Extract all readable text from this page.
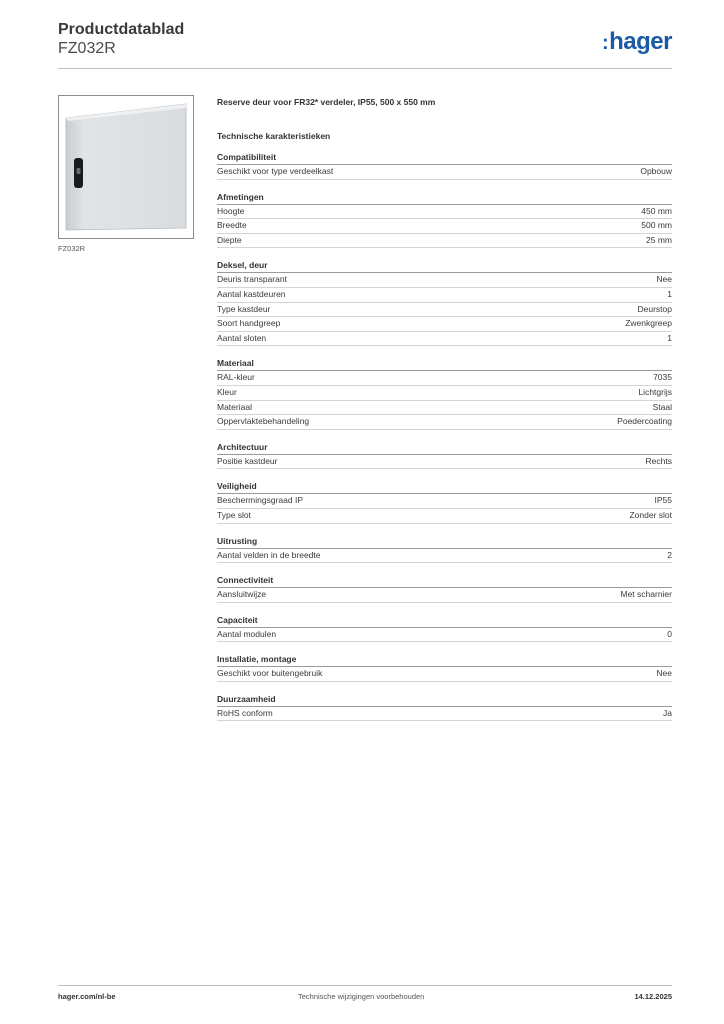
Productdatablad
FZ032R	:hager
FZ032R
Reserve deur voor FR32* verdeler, IP55, 500 x 550 mm
Technische karakteristieken
Compatibiliteit
Geschikt voor type verdeelkast	Opbouw
Afmetingen
Hoogte	450 mm
Breedte	500 mm
Diepte	25 mm
Deksel, deur
Deuris transparant	Nee
Aantal kastdeuren	1
Type kastdeur	Deurstop
Soort handgreep	Zwenkgreep
Aantal sloten	1
Materiaal
RAL-kleur	7035
Kleur	Lichtgrijs
Materiaal	Staal
Oppervlaktebehandeling	Poedercoating
Architectuur
Positie kastdeur	Rechts
Veiligheid
Beschermingsgraad IP	IP55
Type slot	Zonder slot
Uitrusting
Aantal velden in de breedte	2
Connectiviteit
Aansluitwijze	Met scharnier
Capaciteit
Aantal modulen	0
Installatie, montage
Geschikt voor buitengebruik	Nee
Duurzaamheid
RoHS conform	Ja
hager.com/nl-be	Technische wijzigingen voorbehouden	14.12.2025
